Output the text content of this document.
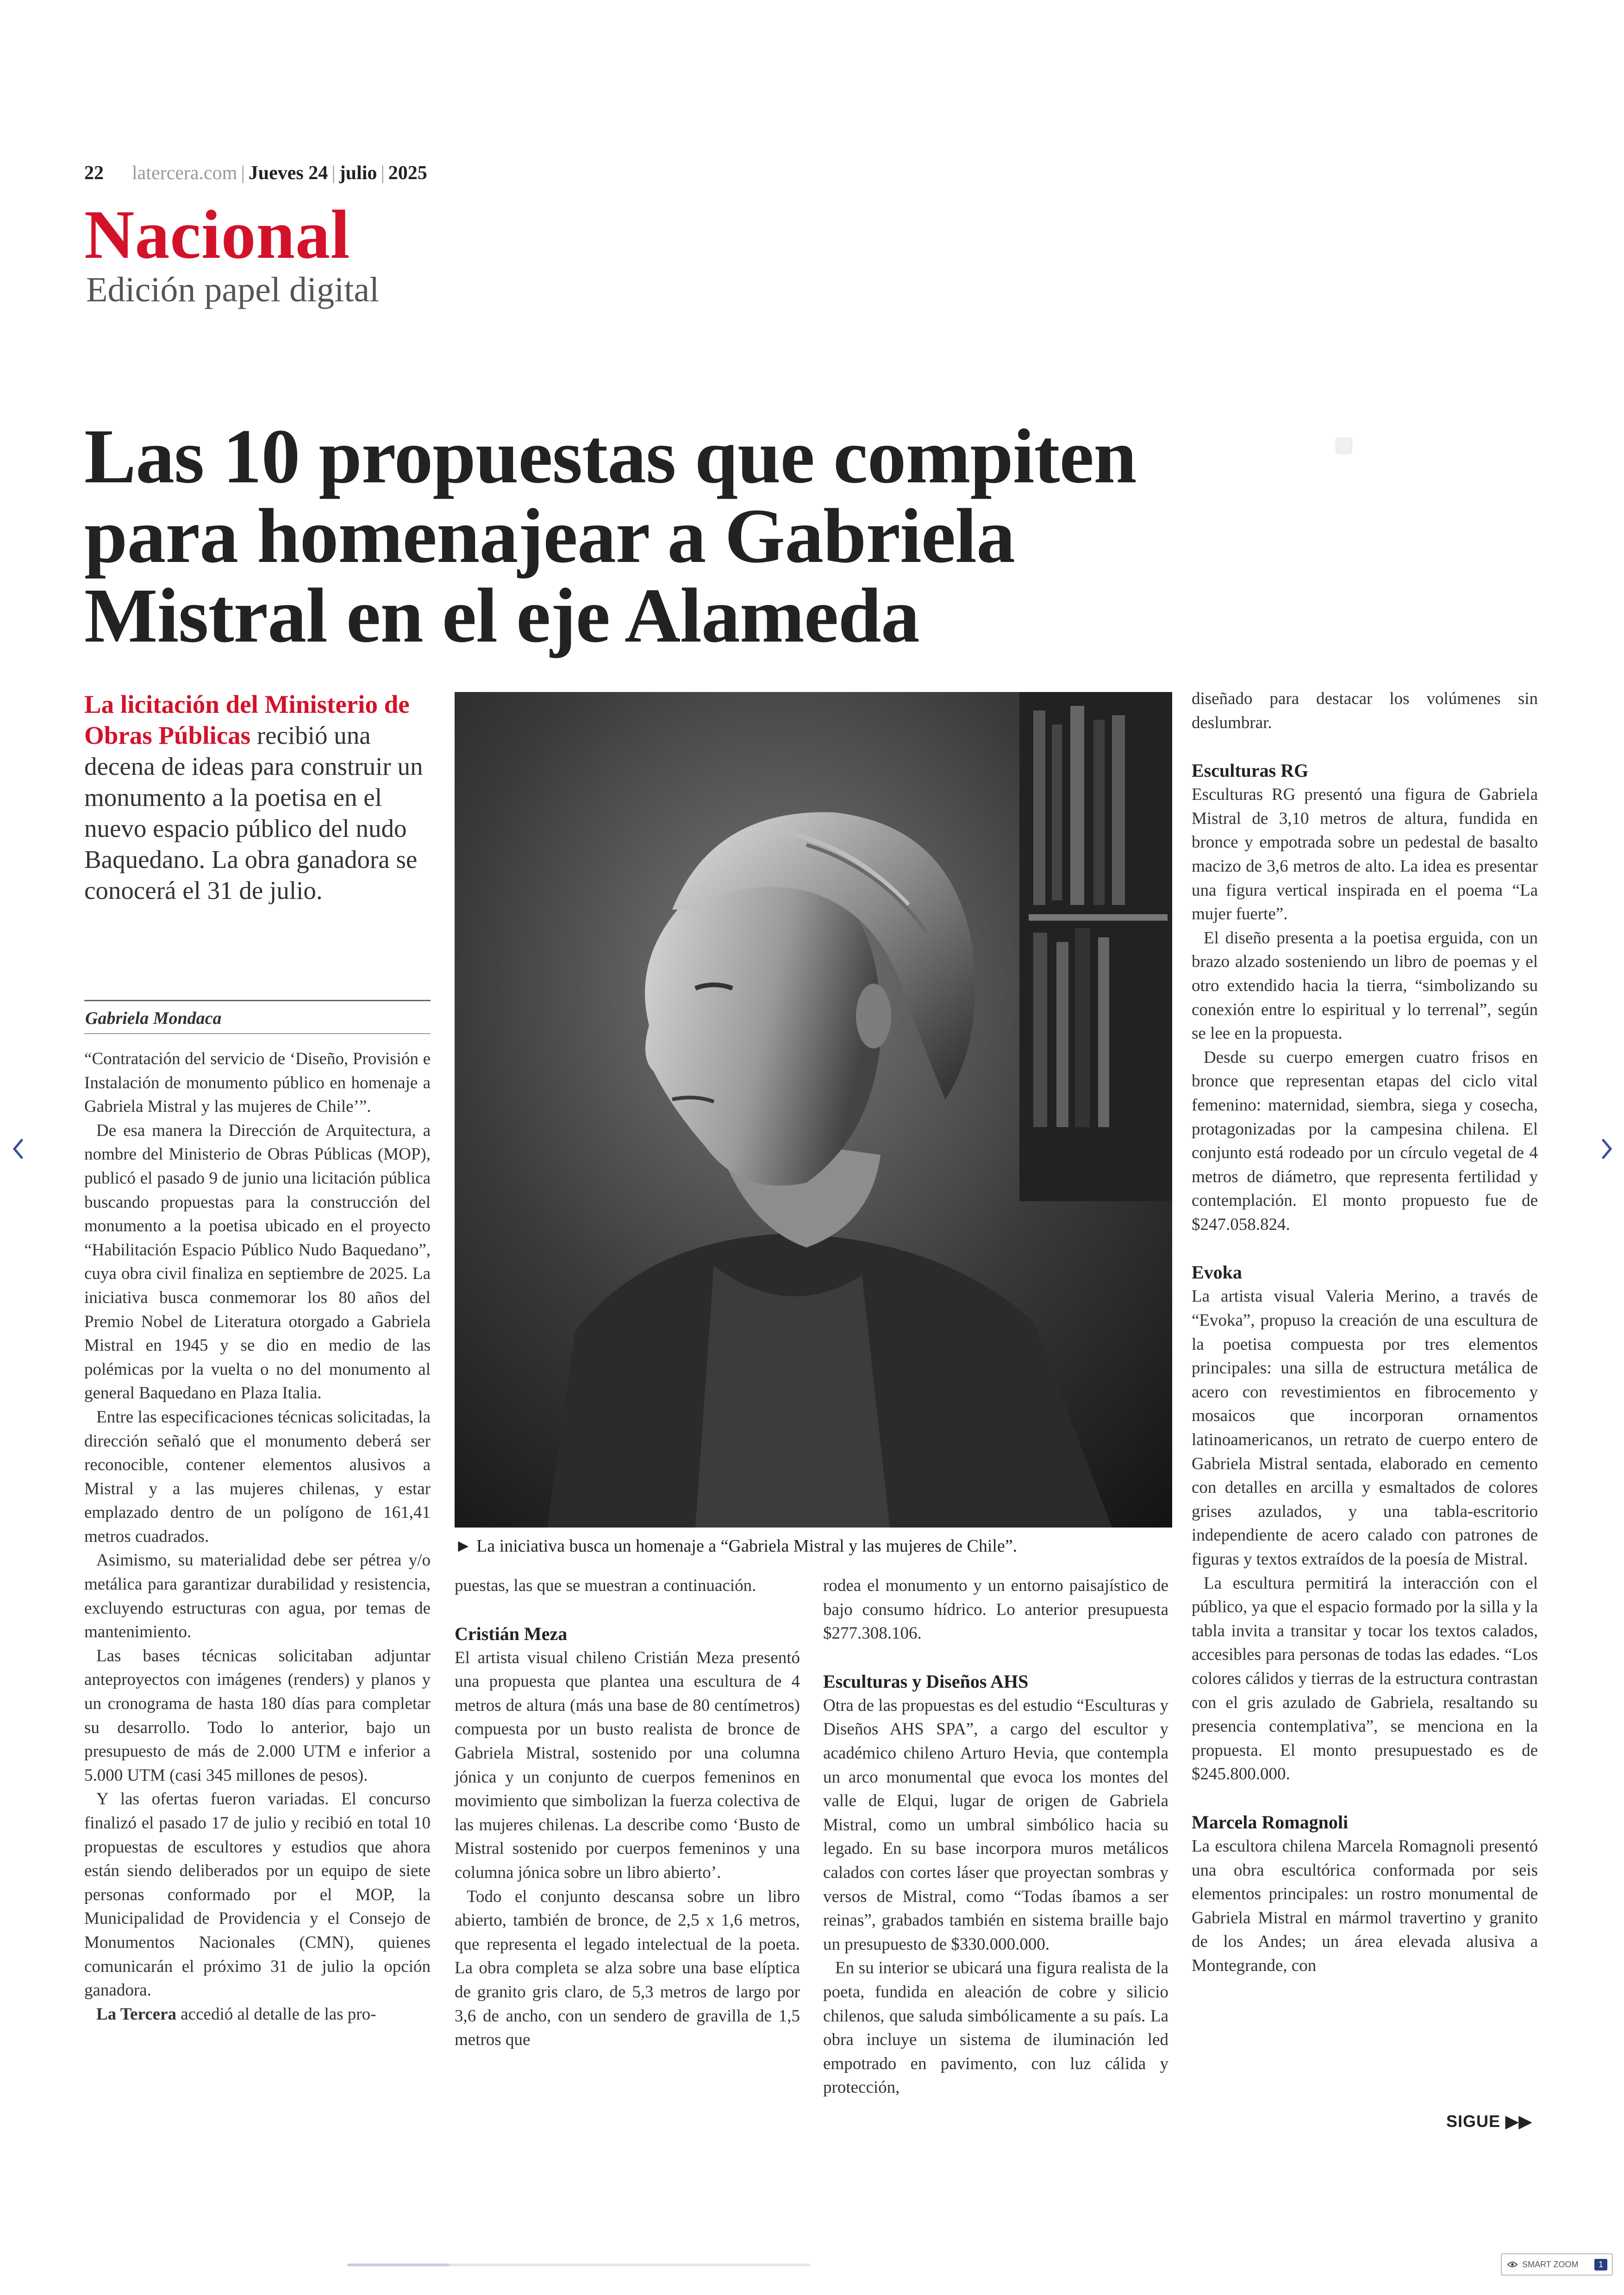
22 latercera.com | Jueves 24 | julio | 2025
Nacional
Edición papel digital
Las 10 propuestas que compiten
para homenajear a Gabriela
Mistral en el eje Alameda
La licitación del Ministerio de Obras Públicas recibió una decena de ideas para construir un monumento a la poetisa en el nuevo espacio público del nudo Baquedano. La obra ganadora se conocerá el 31 de julio.
Gabriela Mondaca

“Contratación del servicio de ‘Diseño, Provisión e Instalación de monumento público en homenaje a Gabriela Mistral y las mujeres de Chile’”.

De esa manera la Dirección de Arquitectura, a nombre del Ministerio de Obras Públicas (MOP), publicó el pasado 9 de junio una licitación pública buscando propuestas para la construcción del monumento a la poetisa ubicado en el proyecto “Habilitación Espacio Público Nudo Baquedano”, cuya obra civil finaliza en septiembre de 2025. La iniciativa busca conmemorar los 80 años del Premio Nobel de Literatura otorgado a Gabriela Mistral en 1945 y se dio en medio de las polémicas por la vuelta o no del monumento al general Baquedano en Plaza Italia.

Entre las especificaciones técnicas solicitadas, la dirección señaló que el monumento deberá ser reconocible, contener elementos alusivos a Mistral y a las mujeres chilenas, y estar emplazado dentro de un polígono de 161,41 metros cuadrados.

Asimismo, su materialidad debe ser pétrea y/o metálica para garantizar durabilidad y resistencia, excluyendo estructuras con agua, por temas de mantenimiento.

Las bases técnicas solicitaban adjuntar anteproyectos con imágenes (renders) y planos y un cronograma de hasta 180 días para completar su desarrollo. Todo lo anterior, bajo un presupuesto de más de 2.000 UTM e inferior a 5.000 UTM (casi 345 millones de pesos).

Y las ofertas fueron variadas. El concurso finalizó el pasado 17 de julio y recibió en total 10 propuestas de escultores y estudios que ahora están siendo deliberados por un equipo de siete personas conformado por el MOP, la Municipalidad de Providencia y el Consejo de Monumentos Nacionales (CMN), quienes comunicarán el próximo 31 de julio la opción ganadora.

La Tercera accedió al detalle de las pro-

► La iniciativa busca un homenaje a “Gabriela Mistral y las mujeres de Chile”.

puestas, las que se muestran a continuación.

Cristián Meza

El artista visual chileno Cristián Meza presentó una propuesta que plantea una escultura de 4 metros de altura (más una base de 80 centímetros) compuesta por un busto realista de bronce de Gabriela Mistral, sostenido por una columna jónica y un conjunto de cuerpos femeninos en movimiento que simbolizan la fuerza colectiva de las mujeres chilenas. La describe como ‘Busto de Mistral sostenido por cuerpos femeninos y una columna jónica sobre un libro abierto’.

Todo el conjunto descansa sobre un libro abierto, también de bronce, de 2,5 x 1,6 metros, que representa el legado intelectual de la poeta. La obra completa se alza sobre una base elíptica de granito gris claro, de 5,3 metros de largo por 3,6 de ancho, con un sendero de gravilla de 1,5 metros que

rodea el monumento y un entorno paisajístico de bajo consumo hídrico. Lo anterior presupuesta $277.308.106.

Esculturas y Diseños AHS

Otra de las propuestas es del estudio “Esculturas y Diseños AHS SPA”, a cargo del escultor y académico chileno Arturo Hevia, que contempla un arco monumental que evoca los montes del valle de Elqui, lugar de origen de Gabriela Mistral, como un umbral simbólico hacia su legado. En su base incorpora muros metálicos calados con cortes láser que proyectan sombras y versos de Mistral, como “Todas íbamos a ser reinas”, grabados también en sistema braille bajo un presupuesto de $330.000.000.

En su interior se ubicará una figura realista de la poeta, fundida en aleación de cobre y silicio chilenos, que saluda simbólicamente a su país. La obra incluye un sistema de iluminación led empotrado en pavimento, con luz cálida y protección,

diseñado para destacar los volúmenes sin deslumbrar.

Esculturas RG

Esculturas RG presentó una figura de Gabriela Mistral de 3,10 metros de altura, fundida en bronce y empotrada sobre un pedestal de basalto macizo de 3,6 metros de alto. La idea es presentar una figura vertical inspirada en el poema “La mujer fuerte”.

El diseño presenta a la poetisa erguida, con un brazo alzado sosteniendo un libro de poemas y el otro extendido hacia la tierra, “simbolizando su conexión entre lo espiritual y lo terrenal”, según se lee en la propuesta.

Desde su cuerpo emergen cuatro frisos en bronce que representan etapas del ciclo vital femenino: maternidad, siembra, siega y cosecha, protagonizadas por la campesina chilena. El conjunto está rodeado por un círculo vegetal de 4 metros de diámetro, que representa fertilidad y contemplación. El monto propuesto fue de $247.058.824.

Evoka

La artista visual Valeria Merino, a través de “Evoka”, propuso la creación de una escultura de la poetisa compuesta por tres elementos principales: una silla de estructura metálica de acero con revestimientos en fibrocemento y mosaicos que incorporan ornamentos latinoamericanos, un retrato de cuerpo entero de Gabriela Mistral sentada, elaborado en cemento con detalles en arcilla y esmaltados de colores grises azulados, y una tabla-escritorio independiente de acero calado con patrones de figuras y textos extraídos de la poesía de Mistral.

La escultura permitirá la interacción con el público, ya que el espacio formado por la silla y la tabla invita a transitar y tocar los textos calados, accesibles para personas de todas las edades. “Los colores cálidos y tierras de la estructura contrastan con el gris azulado de Gabriela, resaltando su presencia contemplativa”, se menciona en la propuesta. El monto presupuestado es de $245.800.000.

Marcela Romagnoli

La escultora chilena Marcela Romagnoli presentó una obra escultórica conformada por seis elementos principales: un rostro monumental de Gabriela Mistral en mármol travertino y granito de los Andes; un área elevada alusiva a Montegrande, con

SIGUE ▶▶
SMART ZOOM	1
